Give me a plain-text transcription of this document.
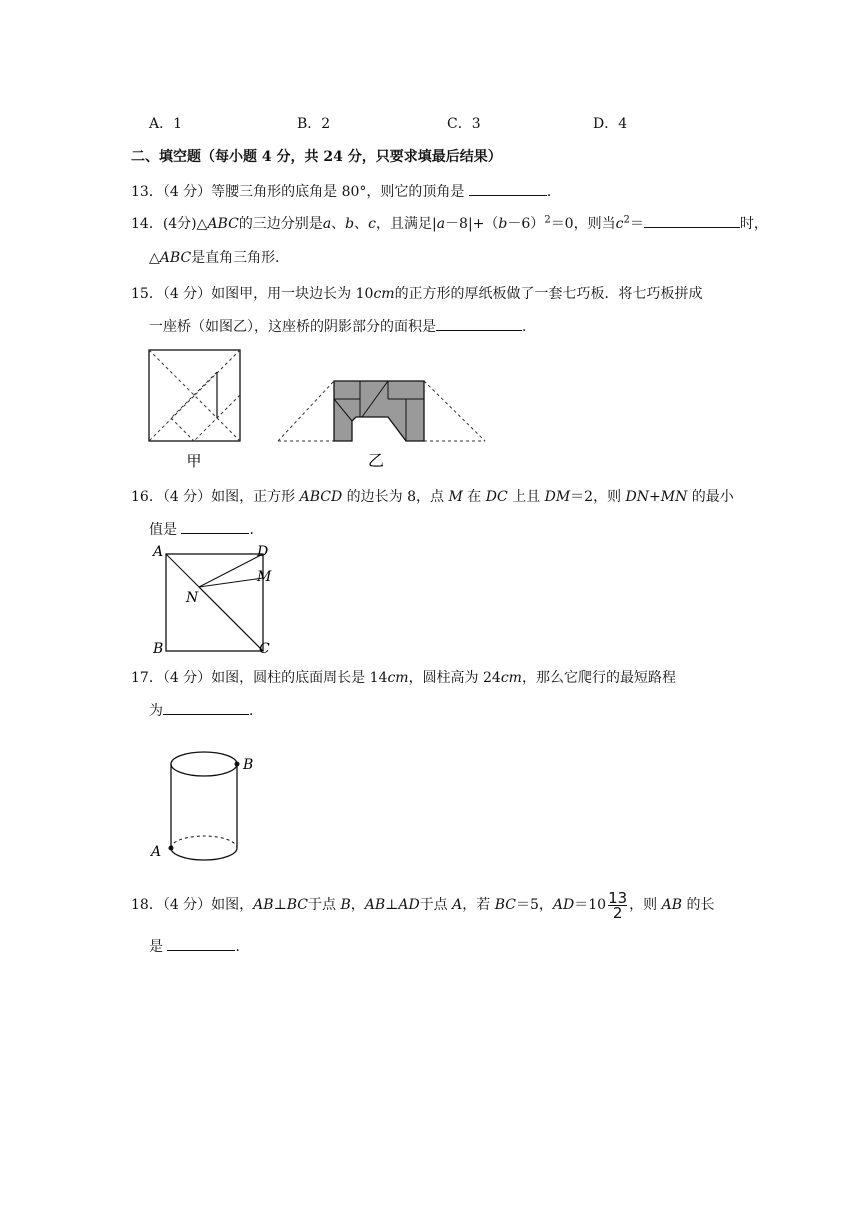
A．1	B．2	C．3	D．4
二、填空题（每小题 4 分，共 24 分，只要求填最后结果）
13．（4 分）等腰三角形的底角是 80°，则它的顶角是	．
14．(4分)△ABC的三边分别是a、b、c，且满足$|a-8|+(b-6)^2=0$，则当$c^2=$	时，
△ABC是直角三角形．
15．（4 分）如图甲，用一块边长为 10cm的正方形的厚纸板做了一套七巧板．将七巧板拼成
一座桥（如图乙），这座桥的阴影部分的面积是	．
甲	乙
16．（4 分）如图，正方形 ABCD 的边长为 8，点 M 在 DC 上且 DM＝2，则 DN+MN 的最小
值是	．
A	D
M
N
B	C
17．（4 分）如图，圆柱的底面周长是 14cm，圆柱高为 24cm，那么它爬行的最短路程
为	．
B
A
18．（4 分）如图，AB⊥BC于点 B，AB⊥AD于点 A，若 BC＝5，$AD=10 \frac{13}{2}$ ，则 AB 的长
是	．
